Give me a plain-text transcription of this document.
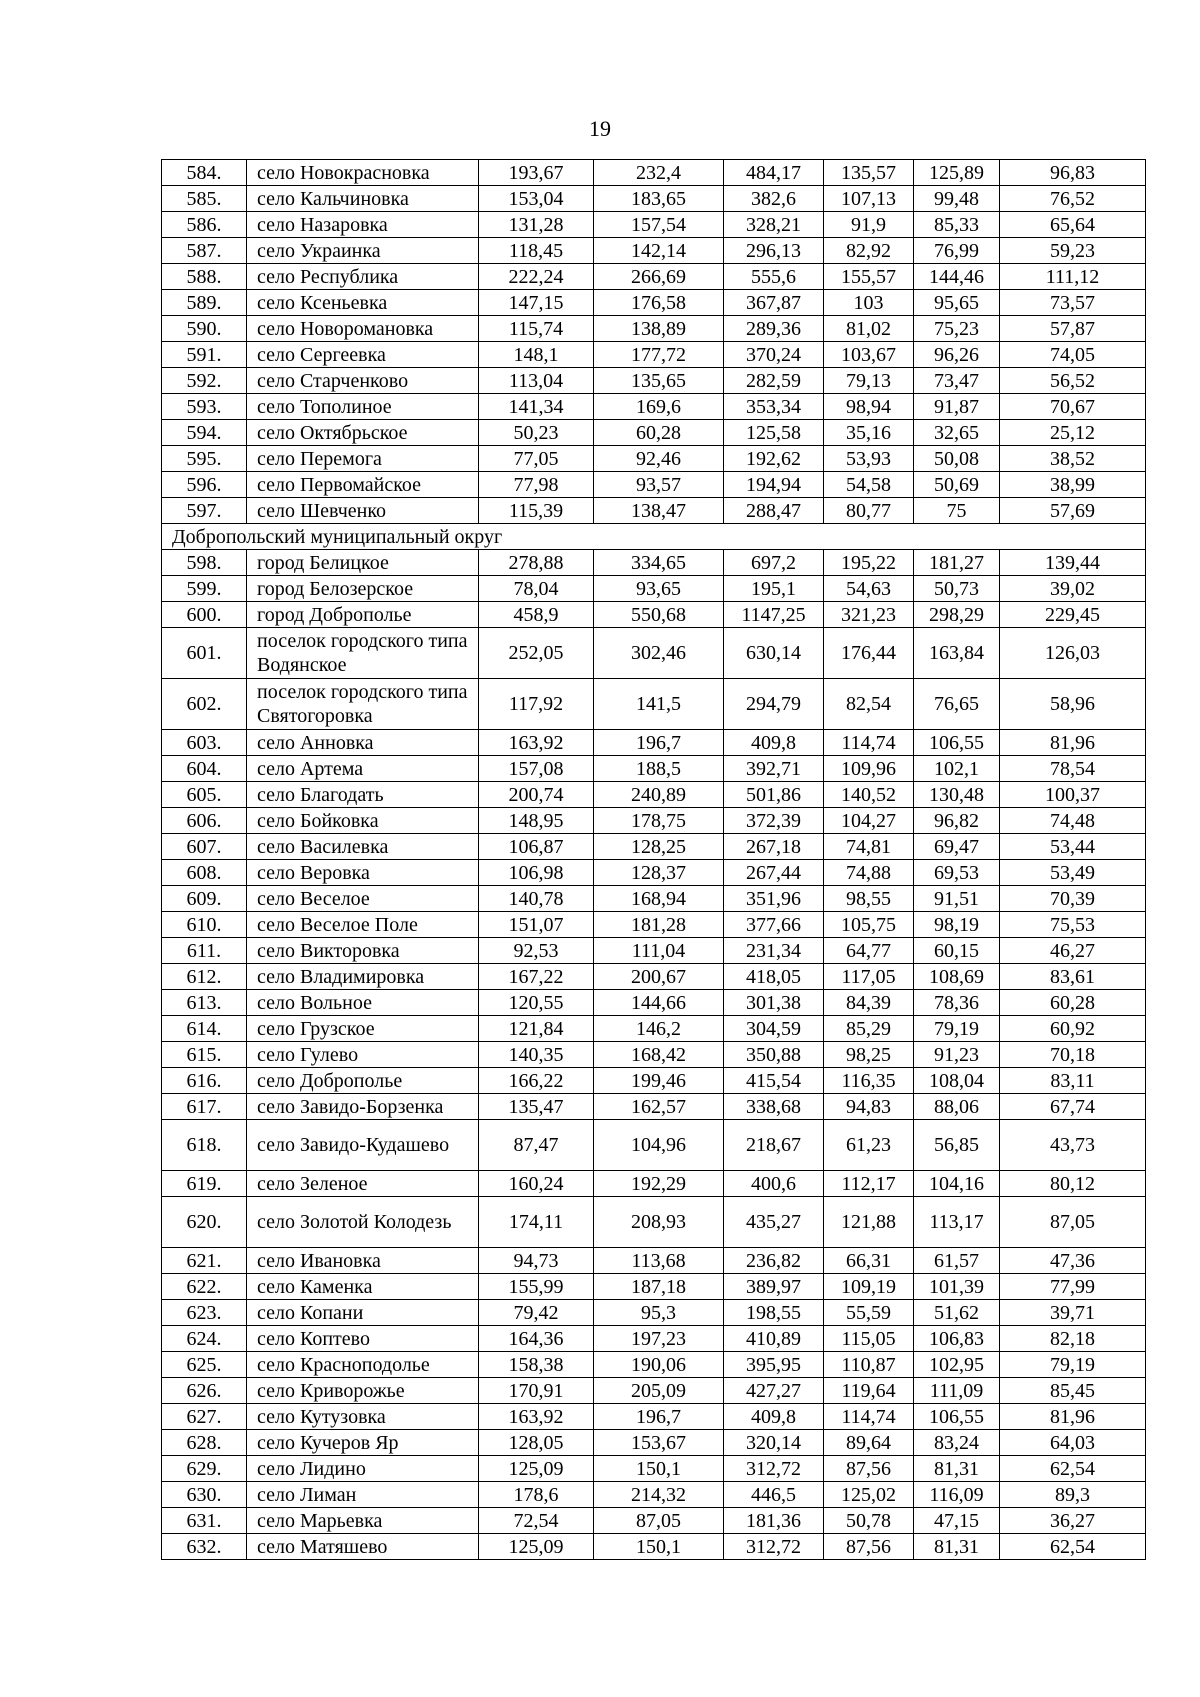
19
584.	село Новокрасновка	193,67	232,4	484,17	135,57	125,89	96,83
585.	село Кальчиновка	153,04	183,65	382,6	107,13	99,48	76,52
586.	село Назаровка	131,28	157,54	328,21	91,9	85,33	65,64
587.	село Украинка	118,45	142,14	296,13	82,92	76,99	59,23
588.	село Республика	222,24	266,69	555,6	155,57	144,46	111,12
589.	село Ксеньевка	147,15	176,58	367,87	103	95,65	73,57
590.	село Новоромановка	115,74	138,89	289,36	81,02	75,23	57,87
591.	село Сергеевка	148,1	177,72	370,24	103,67	96,26	74,05
592.	село Старченково	113,04	135,65	282,59	79,13	73,47	56,52
593.	село Тополиное	141,34	169,6	353,34	98,94	91,87	70,67
594.	село Октябрьское	50,23	60,28	125,58	35,16	32,65	25,12
595.	село Перемога	77,05	92,46	192,62	53,93	50,08	38,52
596.	село Первомайское	77,98	93,57	194,94	54,58	50,69	38,99
597.	село Шевченко	115,39	138,47	288,47	80,77	75	57,69
Добропольский муниципальный округ							
598.	город Белицкое	278,88	334,65	697,2	195,22	181,27	139,44
599.	город Белозерское	78,04	93,65	195,1	54,63	50,73	39,02
600.	город Доброполье	458,9	550,68	1147,25	321,23	298,29	229,45
601.	поселок городского типа Водянское	252,05	302,46	630,14	176,44	163,84	126,03
602.	поселок городского типа Святогоровка	117,92	141,5	294,79	82,54	76,65	58,96
603.	село Анновка	163,92	196,7	409,8	114,74	106,55	81,96
604.	село Артема	157,08	188,5	392,71	109,96	102,1	78,54
605.	село Благодать	200,74	240,89	501,86	140,52	130,48	100,37
606.	село Бойковка	148,95	178,75	372,39	104,27	96,82	74,48
607.	село Василевка	106,87	128,25	267,18	74,81	69,47	53,44
608.	село Веровка	106,98	128,37	267,44	74,88	69,53	53,49
609.	село Веселое	140,78	168,94	351,96	98,55	91,51	70,39
610.	село Веселое Поле	151,07	181,28	377,66	105,75	98,19	75,53
611.	село Викторовка	92,53	111,04	231,34	64,77	60,15	46,27
612.	село Владимировка	167,22	200,67	418,05	117,05	108,69	83,61
613.	село Вольное	120,55	144,66	301,38	84,39	78,36	60,28
614.	село Грузское	121,84	146,2	304,59	85,29	79,19	60,92
615.	село Гулево	140,35	168,42	350,88	98,25	91,23	70,18
616.	село Доброполье	166,22	199,46	415,54	116,35	108,04	83,11
617.	село Завидо-Борзенка	135,47	162,57	338,68	94,83	88,06	67,74
618.	село Завидо-Кудашево	87,47	104,96	218,67	61,23	56,85	43,73
619.	село Зеленое	160,24	192,29	400,6	112,17	104,16	80,12
620.	село Золотой Колодезь	174,11	208,93	435,27	121,88	113,17	87,05
621.	село Ивановка	94,73	113,68	236,82	66,31	61,57	47,36
622.	село Каменка	155,99	187,18	389,97	109,19	101,39	77,99
623.	село Копани	79,42	95,3	198,55	55,59	51,62	39,71
624.	село Коптево	164,36	197,23	410,89	115,05	106,83	82,18
625.	село Красноподолье	158,38	190,06	395,95	110,87	102,95	79,19
626.	село Криворожье	170,91	205,09	427,27	119,64	111,09	85,45
627.	село Кутузовка	163,92	196,7	409,8	114,74	106,55	81,96
628.	село Кучеров Яр	128,05	153,67	320,14	89,64	83,24	64,03
629.	село Лидино	125,09	150,1	312,72	87,56	81,31	62,54
630.	село Лиман	178,6	214,32	446,5	125,02	116,09	89,3
631.	село Марьевка	72,54	87,05	181,36	50,78	47,15	36,27
632.	село Матяшево	125,09	150,1	312,72	87,56	81,31	62,54
